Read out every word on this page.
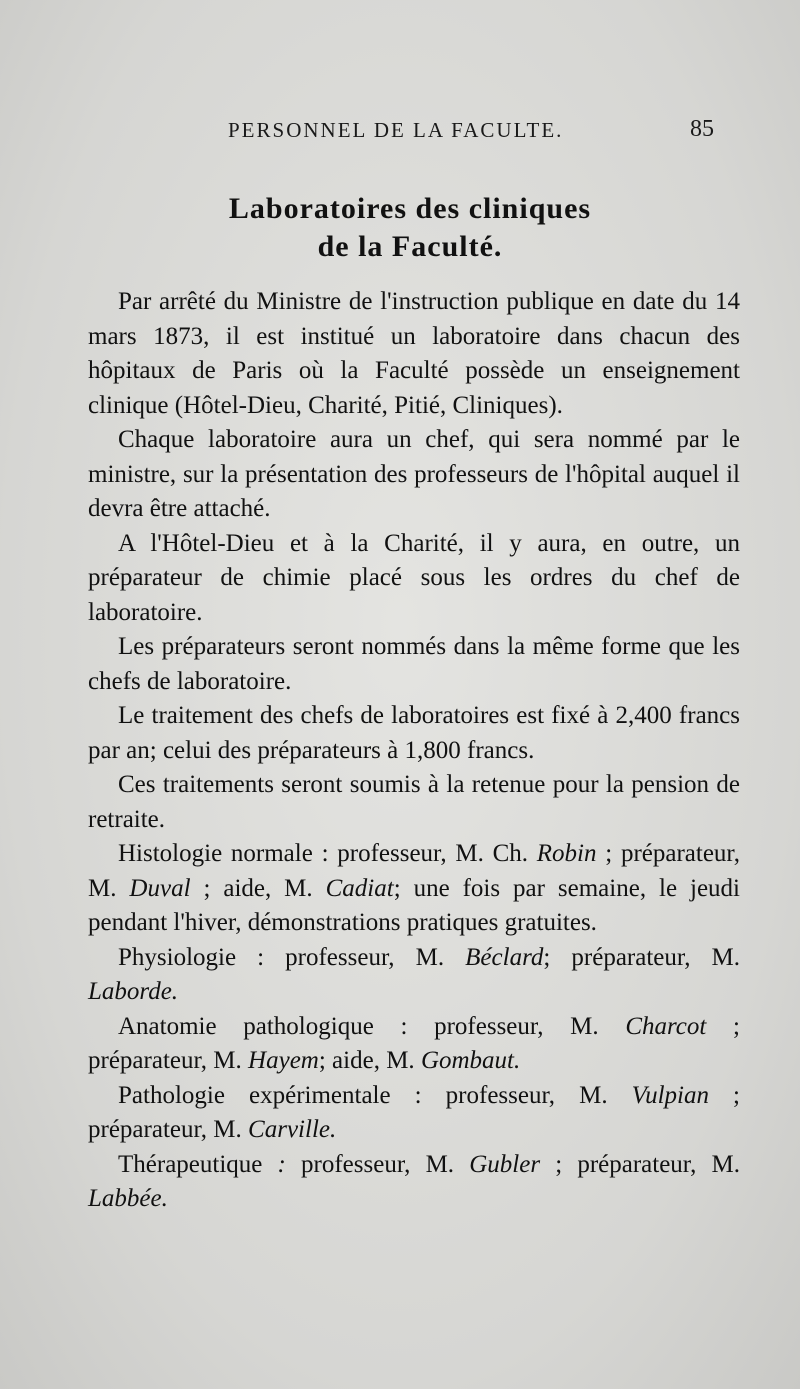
PERSONNEL DE LA FACULTE.	85
Laboratoires des cliniques
de la Faculté.

Par arrêté du Ministre de l'instruction publique en date du 14 mars 1873, il est institué un laboratoire dans chacun des hôpitaux de Paris où la Faculté possède un enseignement clinique (Hôtel-Dieu, Charité, Pitié, Cliniques).

Chaque laboratoire aura un chef, qui sera nommé par le ministre, sur la présentation des professeurs de l'hôpital auquel il devra être attaché.

A l'Hôtel-Dieu et à la Charité, il y aura, en outre, un préparateur de chimie placé sous les ordres du chef de laboratoire.

Les préparateurs seront nommés dans la même forme que les chefs de laboratoire.

Le traitement des chefs de laboratoires est fixé à 2,400 francs par an; celui des préparateurs à 1,800 francs.

Ces traitements seront soumis à la retenue pour la pension de retraite.

Histologie normale : professeur, M. Ch. Robin ; préparateur, M. Duval ; aide, M. Cadiat; une fois par semaine, le jeudi pendant l'hiver, démonstrations pratiques gratuites.

Physiologie : professeur, M. Béclard; préparateur, M. Laborde.

Anatomie pathologique : professeur, M. Charcot ; préparateur, M. Hayem; aide, M. Gombaut.

Pathologie expérimentale : professeur, M. Vulpian ; préparateur, M. Carville.

Thérapeutique : professeur, M. Gubler ; préparateur, M. Labbée.
